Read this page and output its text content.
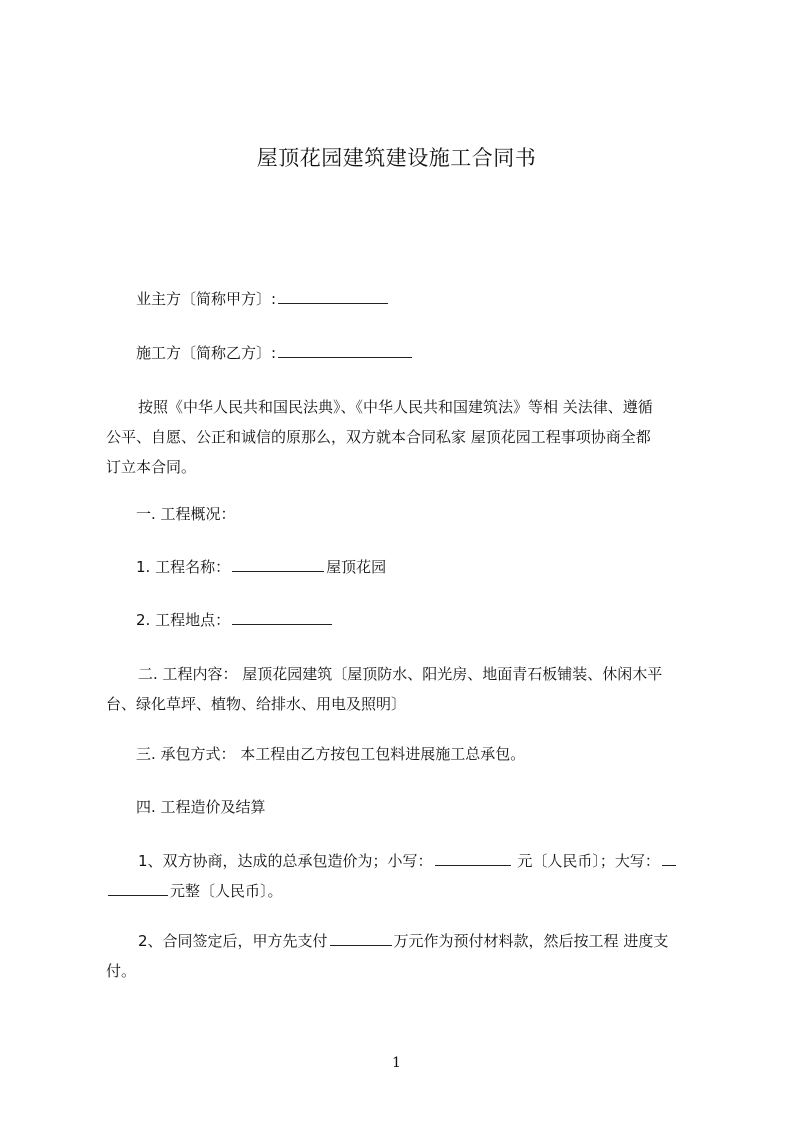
屋顶花园建筑建设施工合同书
业主方〔简称甲方〕:
施工方〔简称乙方〕:
按照《中华人民共和国民法典》、《中华人民共和国建筑法》等相 关法律、遵循
公平、自愿、公正和诚信的原那么，双方就本合同私家 屋顶花园工程事项协商全都
订立本合同。
一. 工程概况：
1. 工程名称：	屋顶花园
2. 工程地点：
二. 工程内容： 屋顶花园建筑〔屋顶防水、阳光房、地面青石板铺装、休闲木平
台、绿化草坪、植物、给排水、用电及照明〕
三. 承包方式： 本工程由乙方按包工包料进展施工总承包。
四. 工程造价及结算
1、双方协商，达成的总承包造价为；小写：	元〔人民币〕；大写：
元整〔人民币〕。
2、合同签定后，甲方先支付	万元作为预付材料款，然后按工程 进度支
付。
1
